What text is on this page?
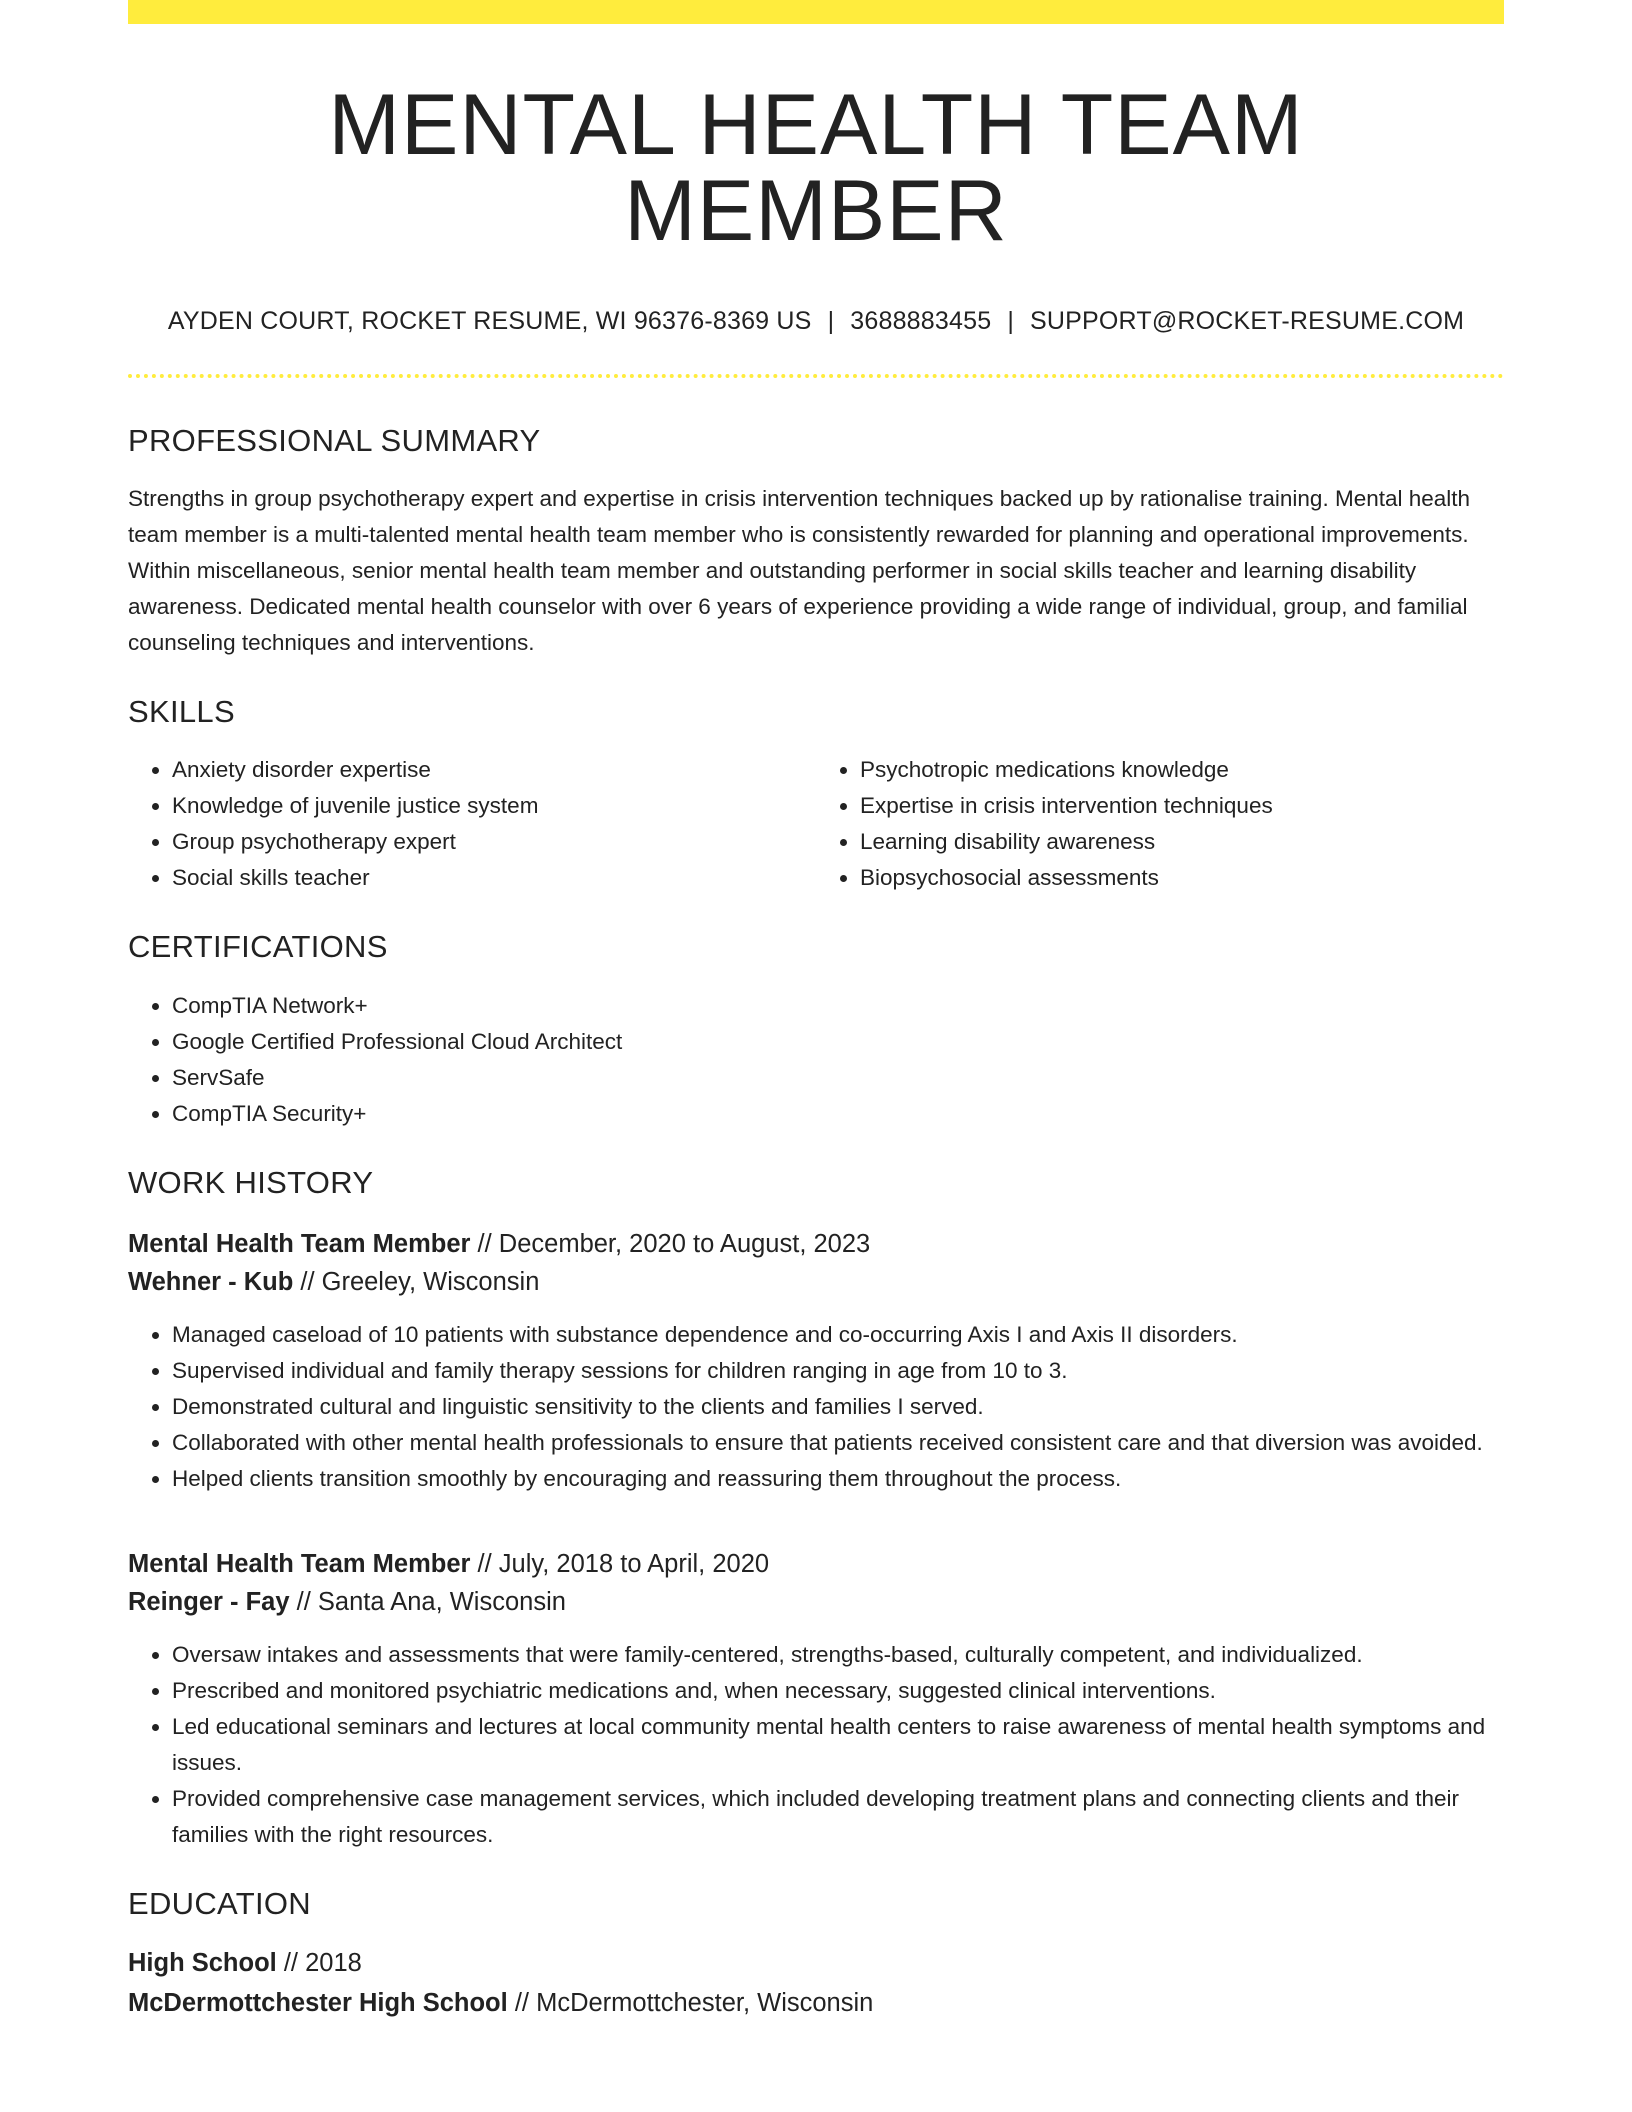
MENTAL HEALTH TEAM MEMBER
AYDEN COURT, ROCKET RESUME, WI 96376-8369 US | 3688883455 | SUPPORT@ROCKET-RESUME.COM
PROFESSIONAL SUMMARY
Strengths in group psychotherapy expert and expertise in crisis intervention techniques backed up by rationalise training. Mental health team member is a multi-talented mental health team member who is consistently rewarded for planning and operational improvements. Within miscellaneous, senior mental health team member and outstanding performer in social skills teacher and learning disability awareness. Dedicated mental health counselor with over 6 years of experience providing a wide range of individual, group, and familial counseling techniques and interventions.
SKILLS
• Anxiety disorder expertise
• Knowledge of juvenile justice system
• Group psychotherapy expert
• Social skills teacher
• Psychotropic medications knowledge
• Expertise in crisis intervention techniques
• Learning disability awareness
• Biopsychosocial assessments
CERTIFICATIONS
• CompTIA Network+
• Google Certified Professional Cloud Architect
• ServSafe
• CompTIA Security+
WORK HISTORY
Mental Health Team Member // December, 2020 to August, 2023
Wehner - Kub // Greeley, Wisconsin
• Managed caseload of 10 patients with substance dependence and co-occurring Axis I and Axis II disorders.
• Supervised individual and family therapy sessions for children ranging in age from 10 to 3.
• Demonstrated cultural and linguistic sensitivity to the clients and families I served.
• Collaborated with other mental health professionals to ensure that patients received consistent care and that diversion was avoided.
• Helped clients transition smoothly by encouraging and reassuring them throughout the process.
Mental Health Team Member // July, 2018 to April, 2020
Reinger - Fay // Santa Ana, Wisconsin
• Oversaw intakes and assessments that were family-centered, strengths-based, culturally competent, and individualized.
• Prescribed and monitored psychiatric medications and, when necessary, suggested clinical interventions.
• Led educational seminars and lectures at local community mental health centers to raise awareness of mental health symptoms and issues.
• Provided comprehensive case management services, which included developing treatment plans and connecting clients and their families with the right resources.
EDUCATION
High School // 2018
McDermottchester High School // McDermottchester, Wisconsin
